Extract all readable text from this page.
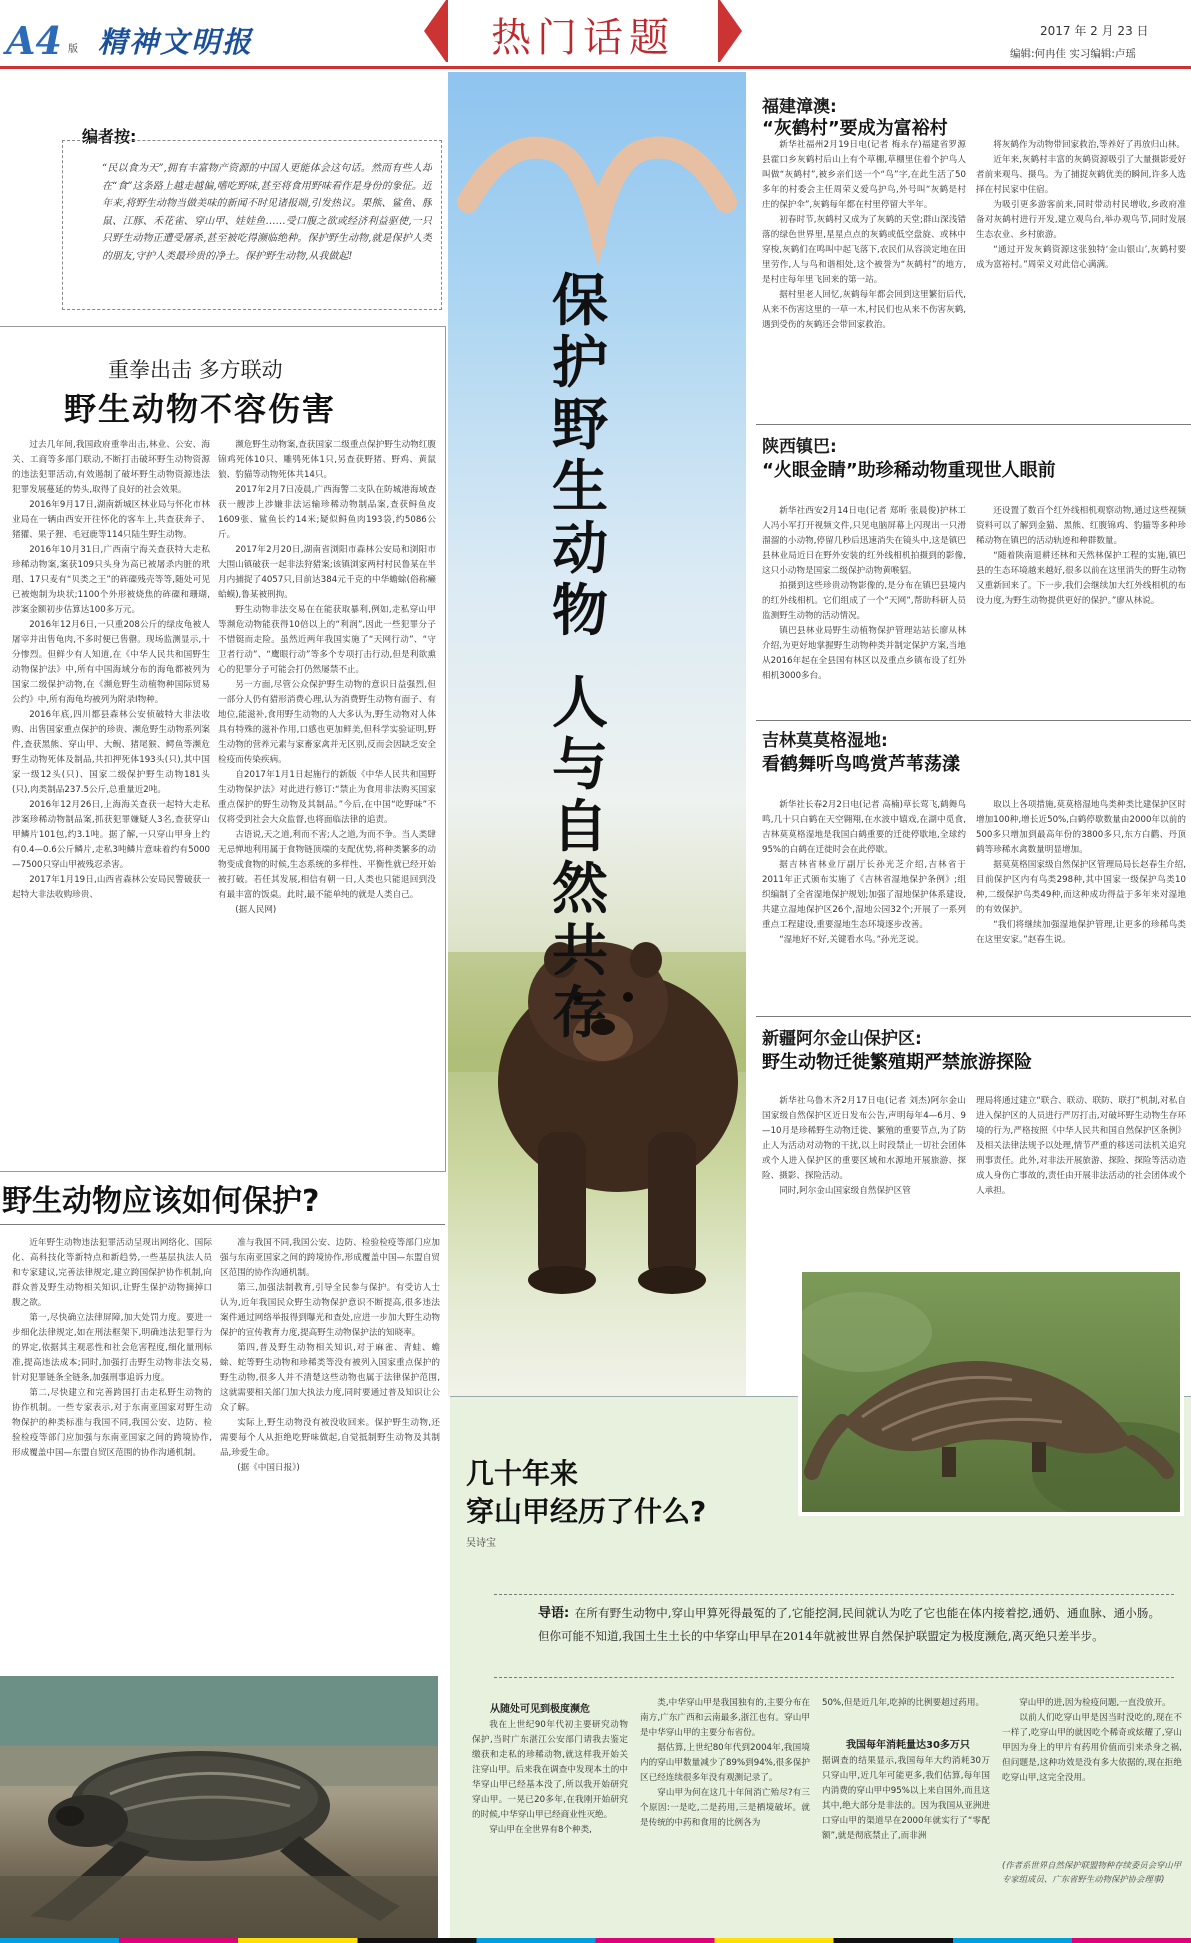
A4 版 精神文明报	热门话题	2017 年 2 月 23 日
编辑:何冉佳 实习编辑:卢瑶
编者按:
“民以食为天”,拥有丰富物产资源的中国人更能体会这句话。然而有些人却在“食”这条路上越走越偏,嗜吃野味,甚至将食用野味看作是身份的象征。近年来,将野生动物当做美味的新闻不时见诸报端,引发热议。果熊、鲨鱼、豚鼠、江豚、禾花雀、穿山甲、娃娃鱼……受口腹之欲或经济利益驱使,一只只野生动物正遭受屠杀,甚至被吃得濒临绝种。保护野生动物,就是保护人类的朋友,守护人类最珍贵的净土。保护野生动物,从我做起!
重拳出击 多方联动
野生动物不容伤害

过去几年间,我国政府重拳出击,林业、公安、海关、工商等多部门联动,不断打击破坏野生动物资源的违法犯罪活动,有效遏制了破坏野生动物资源违法犯罪发展蔓延的势头,取得了良好的社会效果。

2016年9月17日,湖南新城区林业局与怀化市林业局在一辆由西安开往怀化的客车上,共查获奔子、猪獾、果子狸、毛冠鹿等114只陆生野生动物。

2016年10月31日,广西南宁海关查获特大走私珍稀动物案,案获109只头身为高已被屠杀内脏的玳瑁、17只麦有“贝类之王”的砗磲残壳等等,随处可见已被炮制为块状;1100个外形被烧焦的砗磲和珊瑚,涉案金额初步估算达100多万元。

2016年12月6日,一只重208公斤的绿皮龟被人屠宰并出售龟肉,不多时便已售罄。现场监测显示,十分惨烈。但鲜少有人知道,在《中华人民共和国野生动物保护法》中,所有中国海域分布的海龟都被列为国家二级保护动物,在《濒危野生动植物种国际贸易公约》中,所有海龟均被列为附录Ⅰ物种。

2016年底,四川都县森林公安侦破特大非法收购、出售国家重点保护的珍贵、濒危野生动物系列案件,查获黑熊、穿山甲、大鲵、猪尾猴、鳄鱼等濒危野生动物死体及制品,共扣押死体193头(只),其中国家一级12头(只)、国家二级保护野生动物181头(只),肉类制品237.5公斤,总重量近2吨。

2016年12月26日,上海海关查获一起特大走私涉案珍稀动物制品案,抓获犯罪嫌疑人3名,查获穿山甲鳞片101包,约3.1吨。据了解,一只穿山甲身上约有0.4—0.6公斤鳞片,走私3吨鳞片意味着约有5000—7500只穿山甲被残忍杀害。

2017年1月19日,山西省森林公安局民警破获一起特大非法收购珍贵、

濒危野生动物案,查获国家二级重点保护野生动物红腹锦鸡死体10只、雕鸮死体1只,另查获野猪、野鸡、黄鼠狼、豹猫等动物死体共14只。

2017年2月7日凌晨,广西海警二支队在防城港海域查获一艘涉上涉嫌非法运输珍稀动物制品案,查获鲟鱼皮1609张、鲨鱼长约14米;疑似鲟鱼肉193袋,约5086公斤。

2017年2月20日,湖南省浏阳市森林公安局和浏阳市大围山镇破获一起非法狩猎案;该镇浏家两村村民鲁某在半月内捕捉了4057只,目前达384元千克的中华蟾蜍(俗称癞蛤蟆),鲁某被刑拘。

野生动物非法交易在在能获取暴利,例如,走私穿山甲等濒危动物能获得10倍以上的“利润”,因此一些犯罪分子不惜铤而走险。虽然近两年我国实施了“天网行动”、“守卫者行动”、“鹰眼行动”等多个专项打击行动,但是利欲熏心的犯罪分子可能会打仍然屡禁不止。

另一方面,尽管公众保护野生动物的意识日益强烈,但一部分人仍有猎形消费心理,认为消费野生动物有面子、有地位,能滋补,食用野生动物的人大多认为,野生动物对人体具有特殊的滋补作用,口感也更加鲜美,但科学实验证明,野生动物的营养元素与家畜家禽并无区别,反而会因缺乏安全检疫而传染疾病。

自2017年1月1日起施行的新版《中华人民共和国野生动物保护法》对此进行修订:“禁止为食用非法购买国家重点保护的野生动物及其制品。”今后,在中国“吃野味”不仅将受到社会大众监督,也将面临法律的追责。

古语说,天之道,利而不害;人之道,为而不争。当人类肆无忌惮地利用属于食物链顶端的支配优势,将种类繁多的动物变成食物的时候,生态系统的多样性、平衡性就已经开始被打破。若任其发展,相信有朝一日,人类也只能退回到没有最丰富的饭桌。此时,最不能单纯的就是人类自己。

(据人民网)

野生动物应该如何保护?

近年野生动物违法犯罪活动呈现出网络化、国际化、高科技化等新特点和新趋势,一些基层执法人员和专家建议,完善法律规定,建立跨国保护协作机制,向群众普及野生动物相关知识,让野生保护动物摘掉口腹之欲。

第一,尽快确立法律屏障,加大处罚力度。要进一步细化法律规定,如在刑法框架下,明确违法犯罪行为的界定,依据其主观恶性和社会危害程度,细化量刑标准,提高违法成本;同时,加强打击野生动物非法交易,针对犯罪链条全链条,加强刑事追诉力度。

第二,尽快建立和完善跨国打击走私野生动物的协作机制。一些专家表示,对于东南亚国家对野生动物保护的种类标准与我国不同,我国公安、边防、检验检疫等部门应加强与东南亚国家之间的跨境协作,形成覆盖中国—东盟自贸区范围的协作沟通机制。

准与我国不同,我国公安、边防、检验检疫等部门应加强与东南亚国家之间的跨境协作,形成覆盖中国—东盟自贸区范围的协作沟通机制。

第三,加强法制教育,引导全民参与保护。有受访人士认为,近年我国民众野生动物保护意识不断提高,很多违法案件通过网络举报得到曝光和查处,应进一步加大野生动物保护的宣传教育力度,提高野生动物保护法的知晓率。

第四,普及野生动物相关知识,对于麻雀、青蛙、蟾蜍、蛇等野生动物和珍稀类等没有被列入国家重点保护的野生动物,很多人并不清楚这些动物也属于法律保护范围,这就需要相关部门加大执法力度,同时要通过普及知识让公众了解。

实际上,野生动物没有被没收回来。保护野生动物,还需要每个人从拒绝吃野味做起,自觉抵制野生动物及其制品,珍爱生命。

(据《中国日报》)

保护野生动物
人与自然共存
福建漳澳:
“灰鹤村”要成为富裕村

新华社福州2月19日电(记者 梅永存)福建省罗源县霍口乡灰鹤村后山上有个草棚,草棚里住着个护鸟人叫做“灰鹤村”,被乡亲们送一个“鸟”字,在此生活了50多年的村委会主任周荣义爱鸟护鸟,外号叫“灰鹤是村庄的保护伞”,灰鹤每年都在村里停留大半年。

初春时节,灰鹤村又成为了灰鹤的天堂;群山深浅错落的绿色世界里,星星点点的灰鹤或低空盘旋、或林中穿梭,灰鹤们在鸣叫中起飞落下,农民们从容淡定地在田里劳作,人与鸟和谐相处,这个被誉为“灰鹤村”的地方,是村庄每年里飞回来的第一站。

据村里老人回忆,灰鹤每年都会回到这里繁衍后代,从来不伤害这里的一草一木,村民们也从来不伤害灰鹤,遇到受伤的灰鹤还会带回家救治。

将灰鹤作为动物带回家救治,等养好了再放归山林。

近年来,灰鹤村丰富的灰鹤资源吸引了大量摄影爱好者前来观鸟、摄鸟。为了捕捉灰鹤优美的瞬间,许多人选择在村民家中住宿。

为吸引更多游客前来,同时带动村民增收,乡政府准备对灰鹤村进行开发,建立观鸟台,举办观鸟节,同时发展生态农业、乡村旅游。

“通过开发灰鹤资源这张独特‘金山银山’,灰鹤村要成为富裕村。”周荣义对此信心满满。

陕西镇巴:
“火眼金睛”助珍稀动物重现世人眼前

新华社西安2月14日电(记者 郑昕 张晨俊)护林工人冯小军打开视频文件,只见电脑屏幕上闪现出一只滑溜溜的小动物,停留几秒后迅速消失在镜头中,这是镇巴县林业局近日在野外安装的红外线相机拍摄到的影像,这只小动物是国家二级保护动物黄喉貂。

拍摄到这些珍贵动物影像的,是分布在镇巴县境内的红外线相机。它们组成了一个“天网”,帮助科研人员监测野生动物的活动情况。

镇巴县林业局野生动植物保护管理站站长廖从林介绍,为更好地掌握野生动物种类并制定保护方案,当地从2016年起在全县国有林区以及重点乡镇布设了红外相机3000多台。

还设置了数百个红外线相机观察动物,通过这些视频资料可以了解到金猫、黑熊、红腹锦鸡、豹猫等多种珍稀动物在镇巴的活动轨迹和种群数量。

“随着陕南退耕还林和天然林保护工程的实施,镇巴县的生态环境越来越好,很多以前在这里消失的野生动物又重新回来了。下一步,我们会继续加大红外线相机的布设力度,为野生动物提供更好的保护。”廖从林说。

吉林莫莫格湿地:
看鹤舞听鸟鸣赏芦苇荡漾

新华社长春2月2日电(记者 高楠)草长莺飞,鹤舞鸟鸣,几十只白鹤在天空翱翔,在水波中嬉戏,在湖中觅食,吉林莫莫格湿地是我国白鹤重要的迁徙停歇地,全球约95%的白鹤在迁徙时会在此停歇。

据吉林省林业厅副厅长孙光芝介绍,吉林省于2011年正式颁布实施了《吉林省湿地保护条例》;组织编制了全省湿地保护规划;加强了湿地保护体系建设,共建立湿地保护区26个,湿地公园32个;开展了一系列重点工程建设,重要湿地生态环境逐步改善。

“湿地好不好,关键看水鸟。”孙光芝说。

取以上各项措施,莫莫格湿地鸟类种类比建保护区时增加100种,增长近50%,白鹤停歇数量由2000年以前的500多只增加到最高年份的3800多只,东方白鹳、丹顶鹤等珍稀水禽数量明显增加。

据莫莫格国家级自然保护区管理局局长赵春生介绍,目前保护区内有鸟类298种,其中国家一级保护鸟类10种,二级保护鸟类49种,而这种成功得益于多年来对湿地的有效保护。

“我们将继续加强湿地保护管理,让更多的珍稀鸟类在这里安家。”赵春生说。

新疆阿尔金山保护区:
野生动物迁徙繁殖期严禁旅游探险

新华社乌鲁木齐2月17日电(记者 刘杰)阿尔金山国家级自然保护区近日发布公告,声明每年4—6月、9—10月是珍稀野生动物迁徙、繁殖的重要节点,为了防止人为活动对动物的干扰,以上时段禁止一切社会团体或个人进入保护区的重要区域和水源地开展旅游、探险、摄影、探险活动。

同时,阿尔金山国家级自然保护区管

理局将通过建立“联合、联动、联防、联打”机制,对私自进入保护区的人员进行严厉打击,对破坏野生动物生存环境的行为,严格按照《中华人民共和国自然保护区条例》及相关法律法规予以处理,情节严重的移送司法机关追究刑事责任。此外,对非法开展旅游、探险、探险等活动造成人身伤亡事故的,责任由开展非法活动的社会团体或个人承担。
几十年来
穿山甲经历了什么?
吴诗宝
导语: 在所有野生动物中,穿山甲算死得最冤的了,它能挖洞,民间就认为吃了它也能在体内接着挖,通奶、通血脉、通小肠。但你可能不知道,我国土生土长的中华穿山甲早在2014年就被世界自然保护联盟定为极度濒危,离灭绝只差半步。
从随处可见到极度濒危

我在上世纪90年代初主要研究动物保护,当时广东湛江公安部门请我去鉴定缴获和走私的珍稀动物,就这样我开始关注穿山甲。后来我在调查中发现本土的中华穿山甲已经基本没了,所以我开始研究穿山甲。一晃已20多年,在我刚开始研究的时候,中华穿山甲已经商业性灭绝。

穿山甲在全世界有8个种类,

类,中华穿山甲是我国独有的,主要分布在南方,广东广西和云南最多,浙江也有。穿山甲是中华穿山甲的主要分布省份。

据估算,上世纪80年代到2004年,我国境内的穿山甲数量减少了89%到94%,很多保护区已经连续很多年没有观测记录了。

穿山甲为何在这几十年间消亡殆尽?有三个原因:一是吃,二是药用,三是栖境破坏。就是传统的中药和食用的比例各为

50%,但是近几年,吃掉的比例要超过药用。
我国每年消耗量达30多万只
据调查的结果显示,我国每年大约消耗30万只穿山甲,近几年可能更多,我们估算,每年国内消费的穿山甲中95%以上来自国外,而且这其中,绝大部分是非法的。因为我国从亚洲进口穿山甲的渠道早在2000年就实行了“零配额”,就是彻底禁止了,而非洲

穿山甲的进,因为检疫问题,一直没放开。

以前人们吃穿山甲是因当时没吃的,现在不一样了,吃穿山甲的就因吃个稀奇或炫耀了,穿山甲因为身上的甲片有药用价值而引来杀身之祸,但问题是,这种功效是没有多大依据的,现在拒绝吃穿山甲,这完全没用。

(作者系世界自然保护联盟物种存续委员会穿山甲专家组成员、广东省野生动物保护协会理事)
